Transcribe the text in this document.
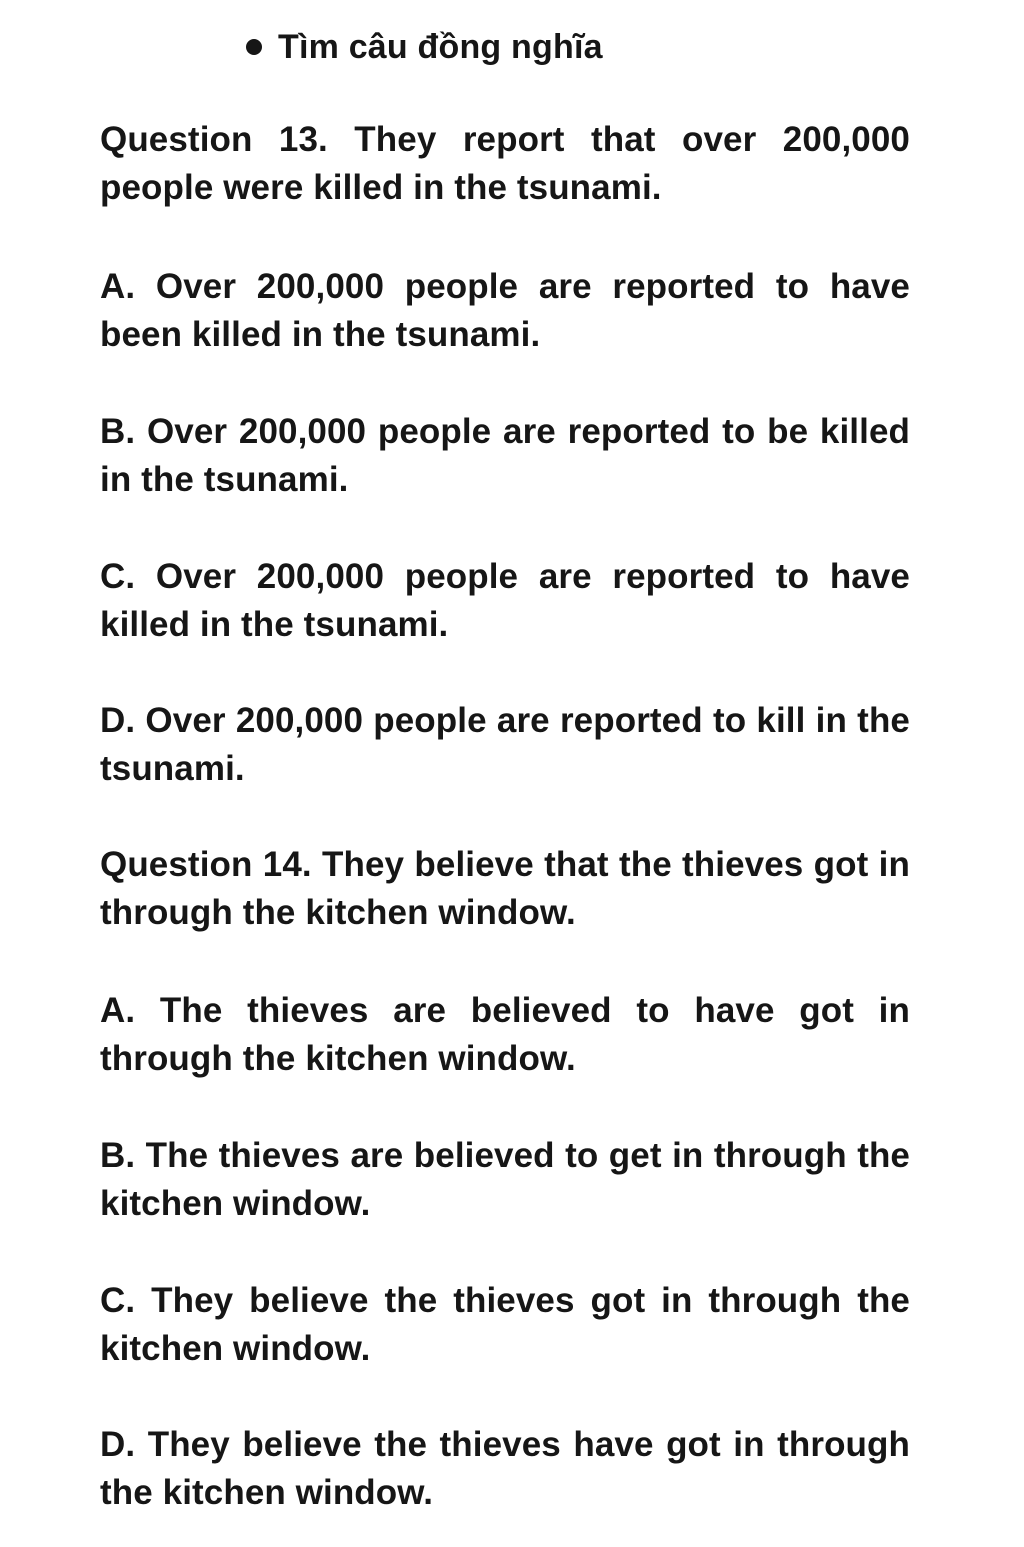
Tìm câu đồng nghĩa

Question 13. They report that over 200,000 people were killed in the tsunami.

A. Over 200,000 people are reported to have been killed in the tsunami.

B. Over 200,000 people are reported to be killed in the tsunami.

C. Over 200,000 people are reported to have killed in the tsunami.

D. Over 200,000 people are reported to kill in the tsunami.

Question 14. They believe that the thieves got in through the kitchen window.

A. The thieves are believed to have got in through the kitchen window.

B. The thieves are believed to get in through the kitchen window.

C. They believe the thieves got in through the kitchen window.

D. They believe the thieves have got in through the kitchen window.
